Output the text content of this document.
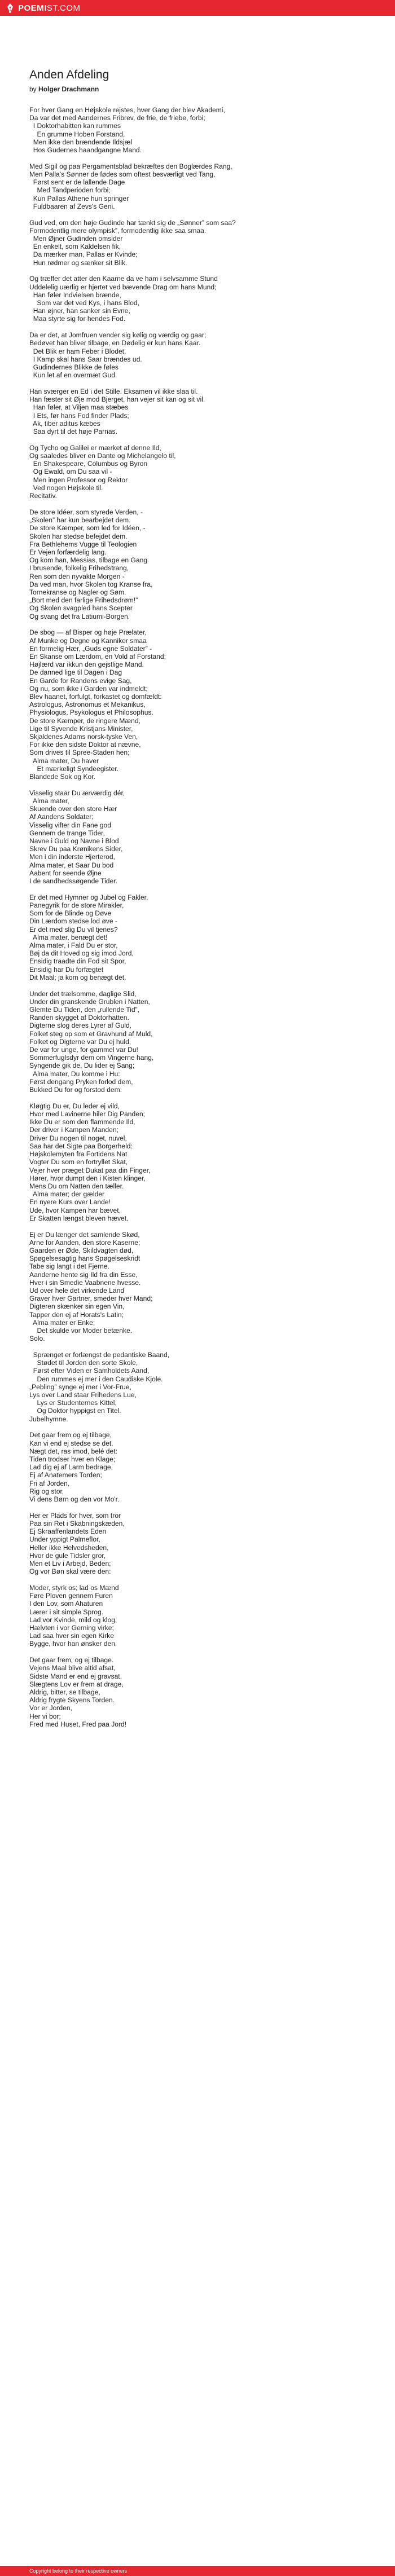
POEM IST.COM
Anden Afdeling
by Holger Drachmann
For hver Gang en Højskole rejstes, hver Gang der blev Akademi,
Da var det med Aandernes Fribrev, de frie, de friebe, forbi;
I Doktorhabitten kan rummes
En grumme Hoben Forstand,
Men ikke den brændende Ildsjæl
Hos Gudernes haandgangne Mand.
Med Sigil og paa Pergamentsblad bekræftes den Boglærdes Rang,
Men Palla's Sønner de fødes som oftest besværligt ved Tang,
Først sent er de lallende Dage
Med Tandperioden forbi;
Kun Pallas Athene hun springer
Fuldbaaren af Zevs's Geni.
Gud ved, om den høje Gudinde har tænkt sig de „Sønner” som saa?
Formodentlig mere olympisk”, formodentlig ikke saa smaa.
Men Øjner Gudinden omsider
En enkelt, som Kaldelsen fik,
Da mærker man, Pallas er Kvinde;
Hun rødmer og sænker sit Blik.
Og træffer det atter den Kaarne da ve ham i selvsamme Stund
Uddelelig uærlig er hjertet ved bævende Drag om hans Mund;
Han føler Indvielsen brænde,
Som var det ved Kys, i hans Blod,
Han øjner, han sanker sin Evne,
Maa styrte sig for hendes Fod.
Da er det, at Jomfruen vender sig kølig og værdig og gaar;
Bedøvet han bliver tilbage, en Dødelig er kun hans Kaar.
Det Blik er ham Feber i Blodet,
I Kamp skal hans Saar brændes ud.
Gudindernes Blikke de føles
Kun let af en overmæt Gud.
Han sværger en Ed i det Stille. Eksamen vil ikke slaa til.
Han fæster sit Øje mod Bjerget, han vejer sit kan og sit vil.
Han føler, at Viljen maa stæbes
I Ets, før hans Fod finder Plads;
Ak, tiber aditus kæbes
Saa dyrt til det høje Parnas.
Og Tycho og Galilei er mærket af denne Ild,
Og saaledes bliver en Dante og Michelangelo til,
En Shakespeare, Columbus og Byron
Og Ewald, om Du saa vil -
Men ingen Professor og Rektor
Ved nogen Højskole til.
Recitativ.
De store Idéer, som styrede Verden, -
„Skolen” har kun bearbejdet dem.
De store Kæmper, som led for Idéen, -
Skolen har stedse befejdet dem.
Fra Bethlehems Vugge til Teologien
Er Vejen forfærdelig lang.
Og kom han, Messias, tilbage en Gang
I brusende, folkelig Frihedstrang,
Ren som den nyvakte Morgen -
Da ved man, hvor Skolen tog Kranse fra,
Tornekranse og Nagler og Søm.
„Bort med den farlige Frihedsdrøm!”
Og Skolen svagpled hans Scepter
Og svang det fra Latiumi-Borgen.
De sbog — af Bisper og høje Prælater,
Af Munke og Degne og Kanniker smaa
En formelig Hær, „Guds egne Soldater” -
En Skanse om Lærdom, en Vold af Forstand;
Højlærd var ikkun den gejstlige Mand.
De danned lige til Dagen i Dag
En Garde for Randens evige Sag,
Og nu, som ikke i Garden var indmeldt;
Blev haanet, forfulgt, forkastet og domfældt:
Astrologus, Astronomus et Mekanikus,
Physiologus, Psykologus et Philosophus.
De store Kæmper, de ringere Mænd,
Lige til Syvende Kristjans Minister,
Skjaldenes Adams norsk-tyske Ven,
For ikke den sidste Doktor at nævne,
Som drives til Spree-Staden hen;
Alma mater, Du haver
Et mærkeligt Syndeegister.
Blandede Sok og Kor.
Visselig staar Du ærværdig dér,
Alma mater,
Skuende over den store Hær
Af Aandens Soldater;
Visselig vifter din Fane god
Gennem de trange Tider,
Navne i Guld og Navne i Blod
Skrev Du paa Krønikens Sider,
Men i din inderste Hjerterod,
Alma mater, et Saar Du bod
Aabent for seende Øjne
I de sandhedssøgende Tider.
Er det med Hymner og Jubel og Fakler,
Panegyrik for de store Mirakler,
Som for de Blinde og Døve
Din Lærdom stedse lod øve -
Er det med slig Du vil tjenes?
Alma mater, benægt det!
Alma mater, i Fald Du er stor,
Bøj da dit Hoved og sig imod Jord,
Ensidig traadte din Fod sit Spor,
Ensidig har Du forfægtet
Dit Maal; ja kom og benægt det.
Under det trælsomme, daglige Slid,
Under din granskende Grublen i Natten,
Glemte Du Tiden, den „rullende Tid”,
Randen skygget af Doktorhatten.
Digterne slog deres Lyrer af Guld,
Folket steg op som et Gravhund af Muld,
Folket og Digterne var Du ej huld,
De var for unge, for gammel var Du!
Sommerfuglsdyr dem om Vingerne hang,
Syngende gik de, Du lider ej Sang;
Alma mater, Du komme i Hu:
Først dengang Pryken forlod dem,
Bukked Du for og forstod dem.
Kløgtig Du er, Du leder ej vild,
Hvor med Lavinerne hiler Dig Panden;
Ikke Du er som den flammende Ild,
Der driver i Kampen Manden;
Driver Du nogen til noget, nuvel,
Saa har det Sigte paa Borgerheld:
Højskolemyten fra Fortidens Nat
Vogter Du som en fortryllet Skat,
Vejer hver præget Dukat paa din Finger,
Hører, hvor dumpt den i Kisten klinger,
Mens Du om Natten den tæller.
Alma mater; der gælder
En nyere Kurs over Lande!
Ude, hvor Kampen har bævet,
Er Skatten længst bleven hævet.
Ej er Du længer det samlende Skød,
Arne for Aanden, den store Kaserne;
Gaarden er Øde, Skildvagten død,
Spøgelsesagtig hans Spøgelseskridt
Tabe sig langt i det Fjerne.
Aanderne hente sig Ild fra din Esse,
Hver i sin Smedie Vaabnene hvesse.
Ud over hele det virkende Land
Graver hver Gartner, smeder hver Mand;
Digteren skænker sin egen Vin,
Tapper den ej af Horats's Latin;
Alma mater er Enke;
Det skulde vor Moder betænke.
Solo.
Sprænget er forlængst de pedantiske Baand,
Stødet til Jorden den sorte Skole,
Først efter Viden er Samholdets Aand,
Den rummes ej mer i den Caudiske Kjole.
„Pebling” synge ej mer i Vor-Frue,
Lys over Land staar Frihedens Lue,
Lys er Studenternes Kittel,
Og Doktor hyppigst en Titel.
Jubelhymne.
Det gaar frem og ej tilbage,
Kan vi end ej stedse se det.
Nægt det, ras imod, belé det:
Tiden trodser hver en Klage;
Lad dig ej af Larm bedrage,
Ej af Anatemers Torden;
Fri af Jorden,
Rig og stor,
Vi dens Børn og den vor Mo'r.
Her er Plads for hver, som tror
Paa sin Ret i Skabningskæden,
Ej Skraaffenlandets Eden
Under yppigt Palmeflor,
Heller ikke Helvedsheden,
Hvor de gule Tidsler gror,
Men et Liv i Arbejd, Beden;
Og vor Bøn skal være den:
Moder, styrk os; lad os Mænd
Føre Ploven gennem Furen
I den Lov, som Ahaturen
Lærer i sit simple Sprog.
Lad vor Kvinde, mild og klog,
Hælvten i vor Gerning virke;
Lad saa hver sin egen Kirke
Bygge, hvor han ønsker den.
Det gaar frem, og ej tilbage.
Vejens Maal blive altid afsat,
Sidste Mand er end ej gravsat,
Slægtens Lov er frem at drage,
Aldrig, bitter, se tilbage,
Aldrig frygte Skyens Torden.
Vor er Jorden,
Her vi bor;
Fred med Huset, Fred paa Jord!
Copyright belong to their respective owners
